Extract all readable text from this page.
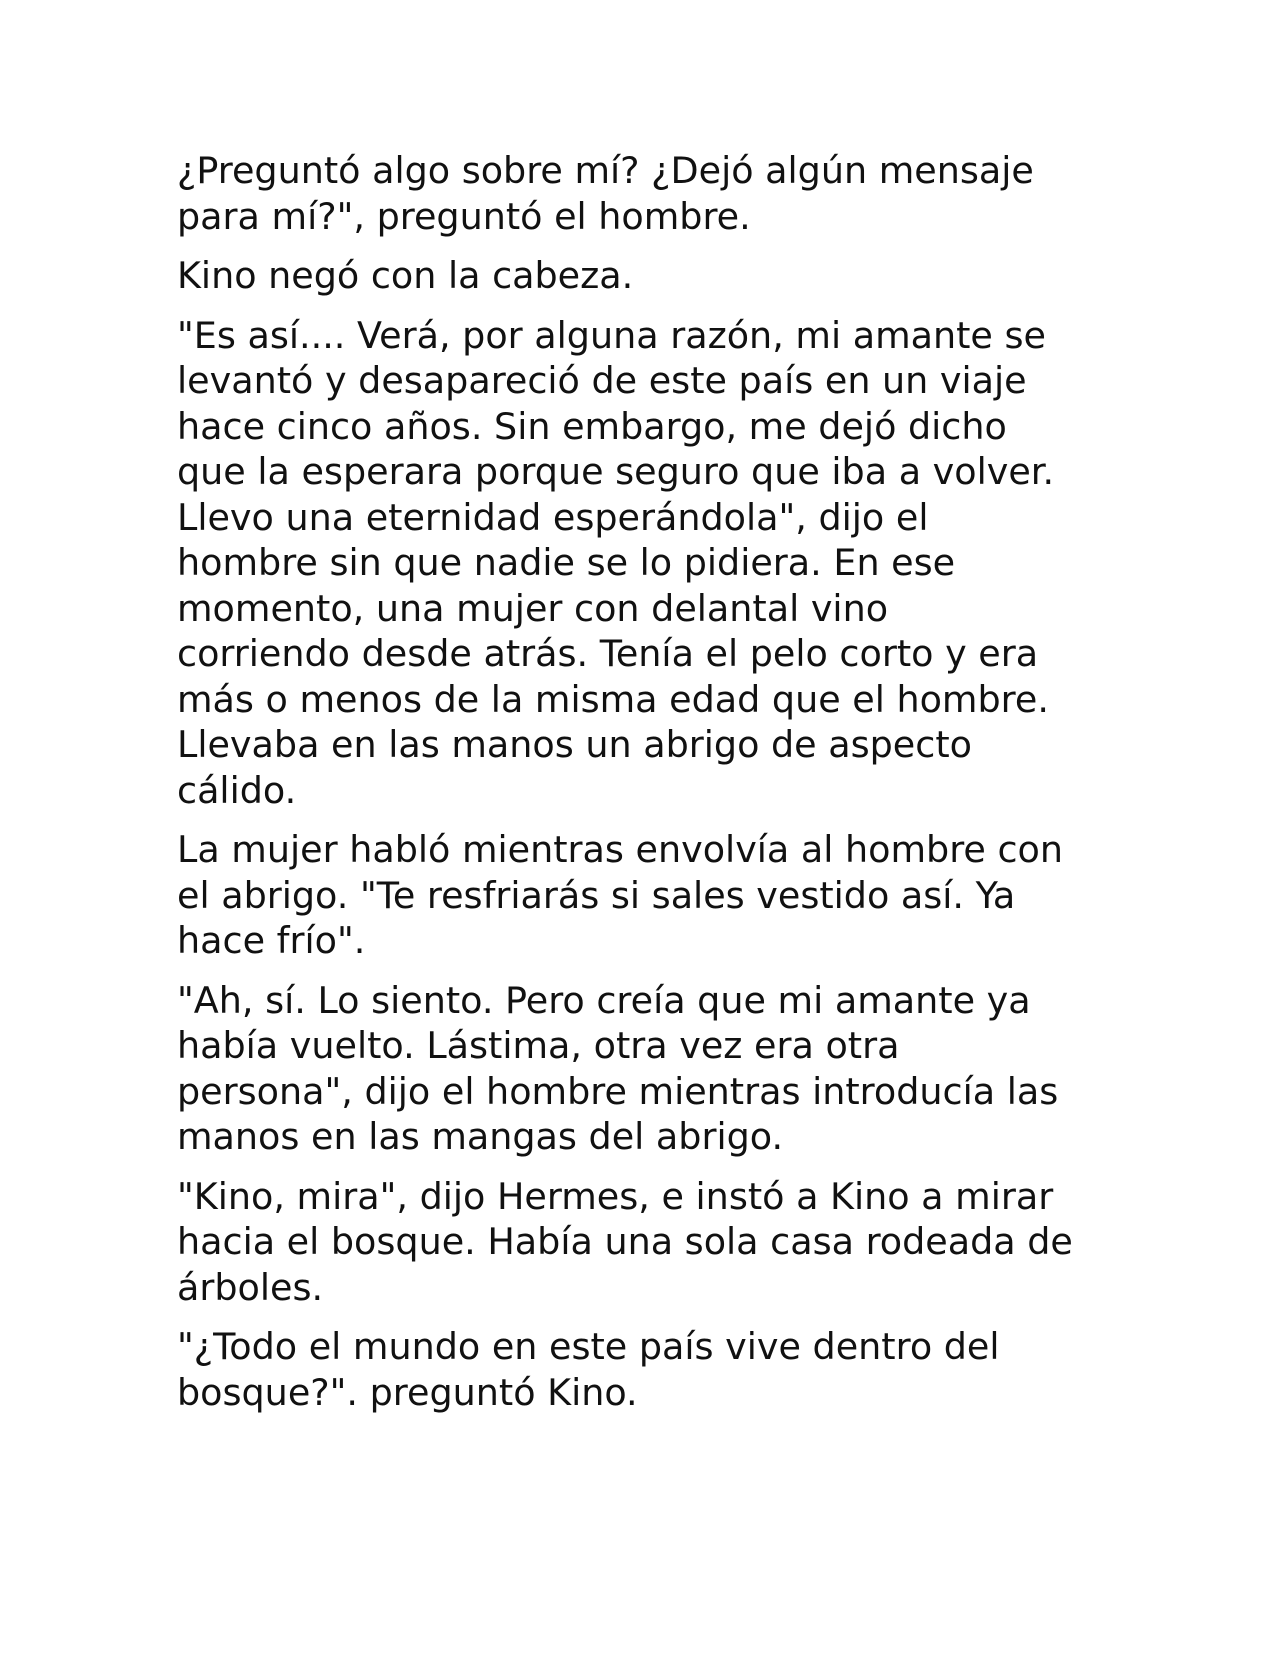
¿Preguntó algo sobre mí? ¿Dejó algún mensaje
para mí?", preguntó el hombre.

Kino negó con la cabeza.

"Es así.... Verá, por alguna razón, mi amante se
levantó y desapareció de este país en un viaje
hace cinco años. Sin embargo, me dejó dicho
que la esperara porque seguro que iba a volver.
Llevo una eternidad esperándola", dijo el
hombre sin que nadie se lo pidiera. En ese
momento, una mujer con delantal vino
corriendo desde atrás. Tenía el pelo corto y era
más o menos de la misma edad que el hombre.
Llevaba en las manos un abrigo de aspecto
cálido.

La mujer habló mientras envolvía al hombre con
el abrigo. "Te resfriarás si sales vestido así. Ya
hace frío".

"Ah, sí. Lo siento. Pero creía que mi amante ya
había vuelto. Lástima, otra vez era otra
persona", dijo el hombre mientras introducía las
manos en las mangas del abrigo.

"Kino, mira", dijo Hermes, e instó a Kino a mirar
hacia el bosque. Había una sola casa rodeada de
árboles.

"¿Todo el mundo en este país vive dentro del
bosque?". preguntó Kino.
